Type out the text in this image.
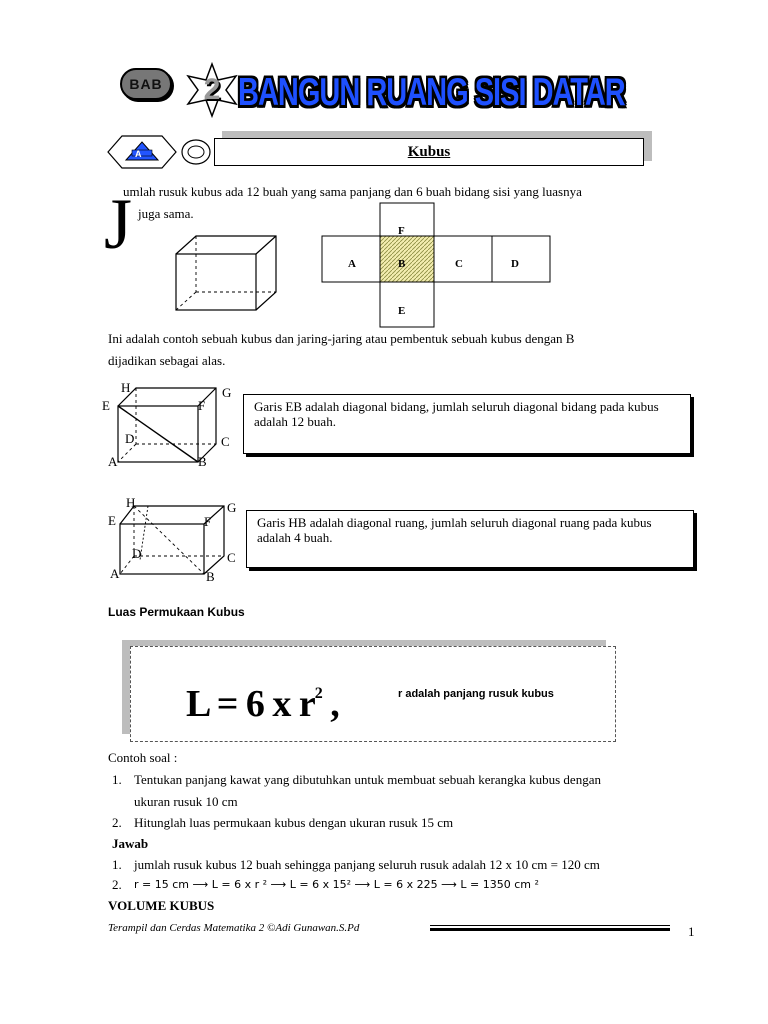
BAB	2 BANGUN RUANG SISI DATAR
A	Kubus
J
umlah rusuk kubus ada 12 buah yang sama panjang dan 6 buah bidang sisi yang luasnya
juga sama.
A	B	C	D
E
F
Ini adalah contoh sebuah kubus dan jaring-jaring atau pembentuk sebuah kubus dengan B
dijadikan sebagai alas.
A	B
C
D
E	F
G
H
Garis EB adalah diagonal bidang, jumlah seluruh diagonal bidang pada kubus adalah 12 buah.
A	B
C
D
E	F
G
H
Garis HB adalah diagonal ruang, jumlah seluruh diagonal ruang pada kubus adalah 4 buah.
Luas Permukaan Kubus
L = 6 x $r^2$ ,	r adalah panjang rusuk kubus
Contoh soal :
1. Tentukan panjang kawat yang dibutuhkan untuk membuat sebuah kerangka kubus dengan
ukuran rusuk 10 cm
2. Hitunglah luas permukaan kubus dengan ukuran rusuk 15 cm
Jawab
1. jumlah rusuk kubus 12 buah sehingga panjang seluruh rusuk adalah 12 x 10 cm = 120 cm
2. r = 15 cm ⟶ L = 6 x r ² ⟶ L = 6 x 15² ⟶ L = 6 x 225 ⟶ L = 1350 cm ²
VOLUME KUBUS
Terampil dan Cerdas Matematika 2 ©Adi Gunawan.S.Pd	1
